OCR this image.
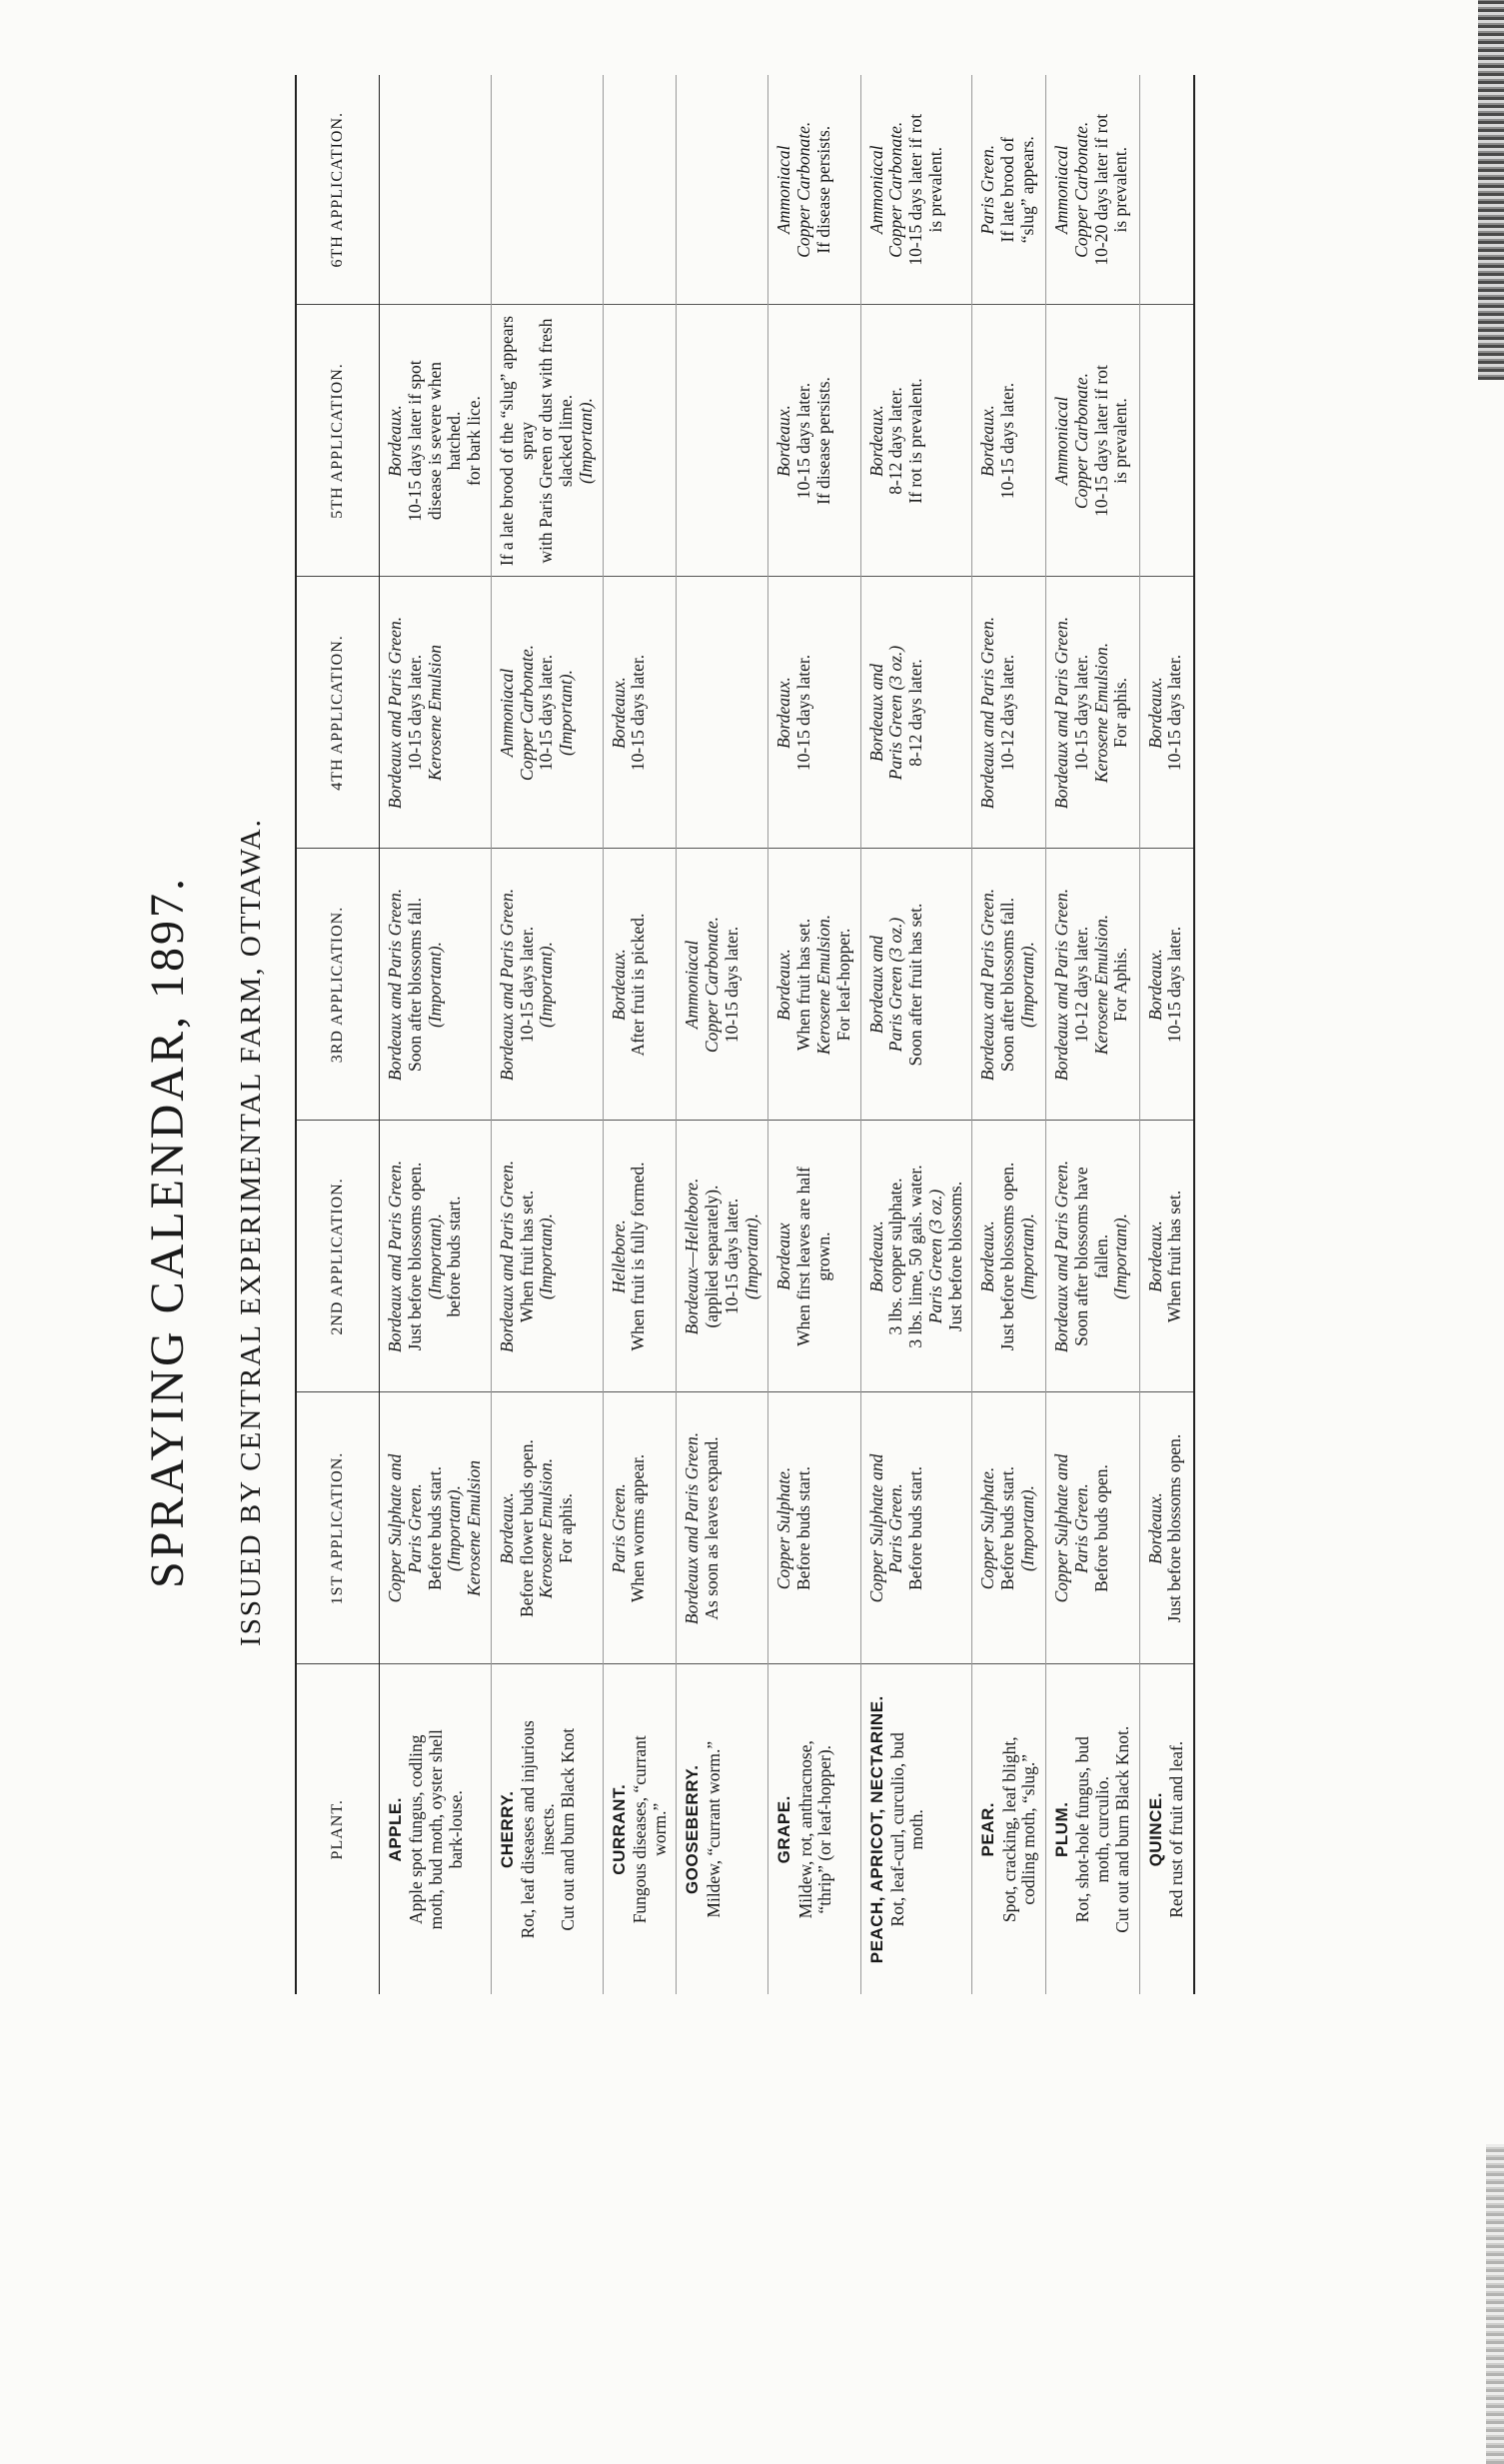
SPRAYING CALENDAR, 1897. ISSUED BY CENTRAL EXPERIMENTAL FARM, OTTAWA.
PLANT.	1ST APPLICATION.	2ND APPLICATION.	3RD APPLICATION.	4TH APPLICATION.	5TH APPLICATION.	6TH APPLICATION.

APPLE. Apple spot fungus, codling moth, bud moth, oyster shell bark-louse.	Copper Sulphate and Paris Green. Before buds start. (Important). Kerosene Emulsion	Bordeaux and Paris Green. Just before blossoms open. (Important). before buds start.	Bordeaux and Paris Green. Soon after blossoms fall. (Important).	Bordeaux and Paris Green. 10-15 days later. Kerosene Emulsion	Bordeaux. 10-15 days later if spot disease is severe when hatched. for bark lice.	

CHERRY. Rot, leaf diseases and injurious insects. Cut out and burn Black Knot	Bordeaux. Before flower buds open. Kerosene Emulsion. For aphis.	Bordeaux and Paris Green. When fruit has set. (Important).	Bordeaux and Paris Green. 10-15 days later. (Important).	Ammoniacal Copper Carbonate. 10-15 days later. (Important).	If a late brood of the “slug” appears spray with Paris Green or dust with fresh slacked lime. (Important).	

CURRANT. Fungous diseases, “currant worm.”	Paris Green. When worms appear.	Hellebore. When fruit is fully formed.	Bordeaux. After fruit is picked.	Bordeaux. 10-15 days later.		

GOOSEBERRY. Mildew, “currant worm.”	Bordeaux and Paris Green. As soon as leaves expand.	Bordeaux—Hellebore. (applied separately). 10-15 days later. (Important).	Ammoniacal Copper Carbonate. 10-15 days later.			

GRAPE. Mildew, rot, anthracnose, “thrip” (or leaf-hopper).	Copper Sulphate. Before buds start.	Bordeaux When first leaves are half grown.	Bordeaux. When fruit has set. Kerosene Emulsion. For leaf-hopper.	Bordeaux. 10-15 days later.	Bordeaux. 10-15 days later. If disease persists.	Ammoniacal Copper Carbonate. If disease persists.

PEACH, APRICOT, NECTARINE. Rot, leaf-curl, curculio, bud moth.	Copper Sulphate and Paris Green. Before buds start.	Bordeaux. 3 lbs. copper sulphate. 3 lbs. lime, 50 gals. water. Paris Green (3 oz.) Just before blossoms.	Bordeaux and Paris Green (3 oz.) Soon after fruit has set.	Bordeaux and Paris Green (3 oz.) 8-12 days later.	Bordeaux. 8-12 days later. If rot is prevalent.	Ammoniacal Copper Carbonate. 10-15 days later if rot is prevalent.

PEAR. Spot, cracking, leaf blight, codling moth, “slug.”	Copper Sulphate. Before buds start. (Important).	Bordeaux. Just before blossoms open. (Important).	Bordeaux and Paris Green. Soon after blossoms fall. (Important).	Bordeaux and Paris Green. 10-12 days later.	Bordeaux. 10-15 days later.	Paris Green. If late brood of “slug” appears.

PLUM. Rot, shot-hole fungus, bud moth, curculio. Cut out and burn Black Knot.	Copper Sulphate and Paris Green. Before buds open.	Bordeaux and Paris Green. Soon after blossoms have fallen. (Important).	Bordeaux and Paris Green. 10-12 days later. Kerosene Emulsion. For Aphis.	Bordeaux and Paris Green. 10-15 days later. Kerosene Emulsion. For aphis.	Ammoniacal Copper Carbonate. 10-15 days later if rot is prevalent.	Ammoniacal Copper Carbonate. 10-20 days later if rot is prevalent.

QUINCE. Red rust of fruit and leaf.	Bordeaux. Just before blossoms open.	Bordeaux. When fruit has set.	Bordeaux. 10-15 days later.	Bordeaux. 10-15 days later.		
